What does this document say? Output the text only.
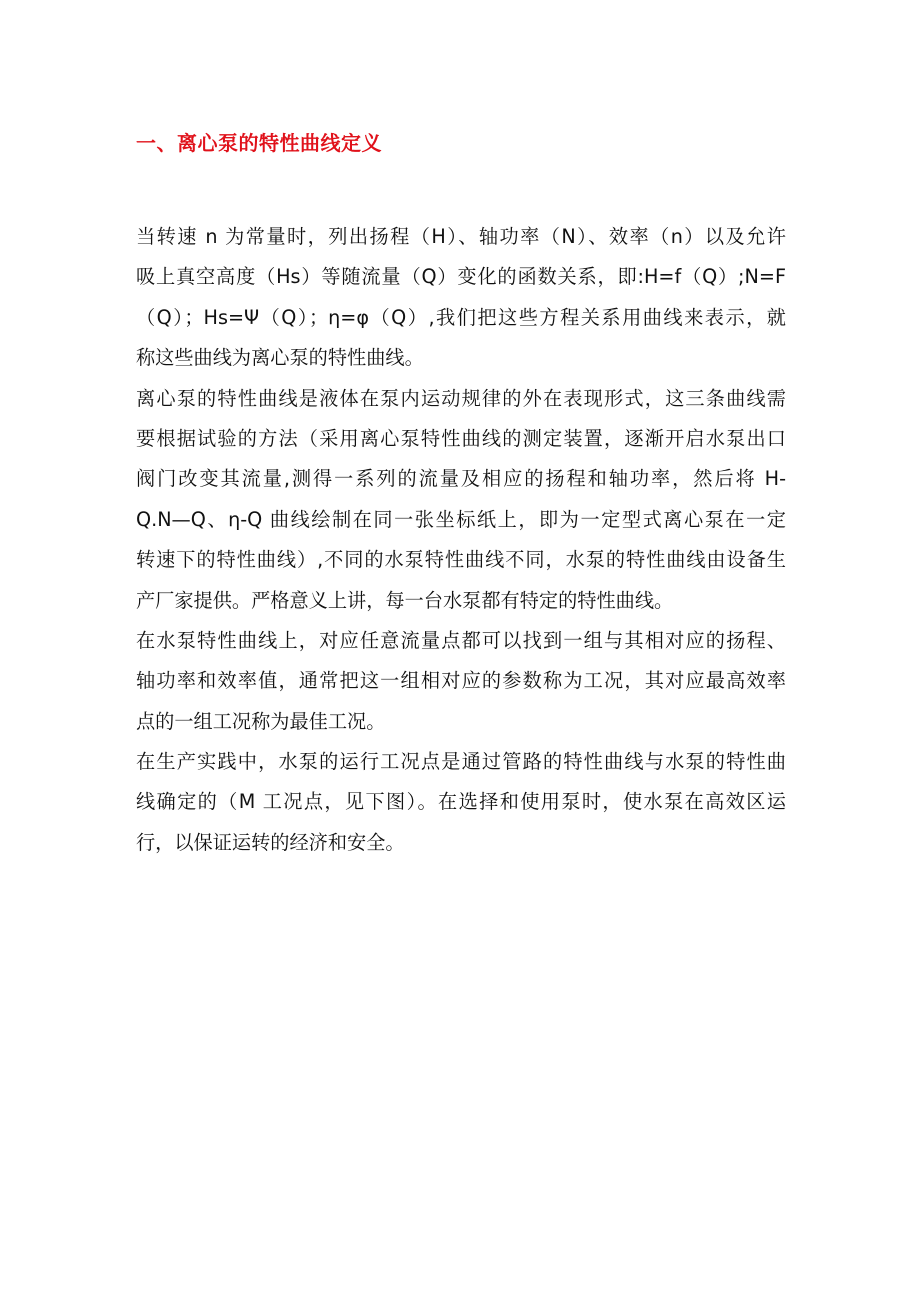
一、离心泵的特性曲线定义
当转速 n 为常量时，列出扬程（H）、轴功率（N）、效率（n）以及允许
吸上真空高度（Hs）等随流量（Q）变化的函数关系，即:H=f（Q）;N=F
（Q）；Hs=Ψ（Q）；η=φ（Q）,我们把这些方程关系用曲线来表示，就
称这些曲线为离心泵的特性曲线。
离心泵的特性曲线是液体在泵内运动规律的外在表现形式，这三条曲线需
要根据试验的方法（采用离心泵特性曲线的测定装置，逐渐开启水泵出口
阀门改变其流量,测得一系列的流量及相应的扬程和轴功率，然后将 H-
Q.N—Q、η-Q 曲线绘制在同一张坐标纸上，即为一定型式离心泵在一定
转速下的特性曲线）,不同的水泵特性曲线不同，水泵的特性曲线由设备生
产厂家提供。严格意义上讲，每一台水泵都有特定的特性曲线。
在水泵特性曲线上，对应任意流量点都可以找到一组与其相对应的扬程、
轴功率和效率值，通常把这一组相对应的参数称为工况，其对应最高效率
点的一组工况称为最佳工况。
在生产实践中，水泵的运行工况点是通过管路的特性曲线与水泵的特性曲
线确定的（M 工况点，见下图）。在选择和使用泵时，使水泵在高效区运
行，以保证运转的经济和安全。
